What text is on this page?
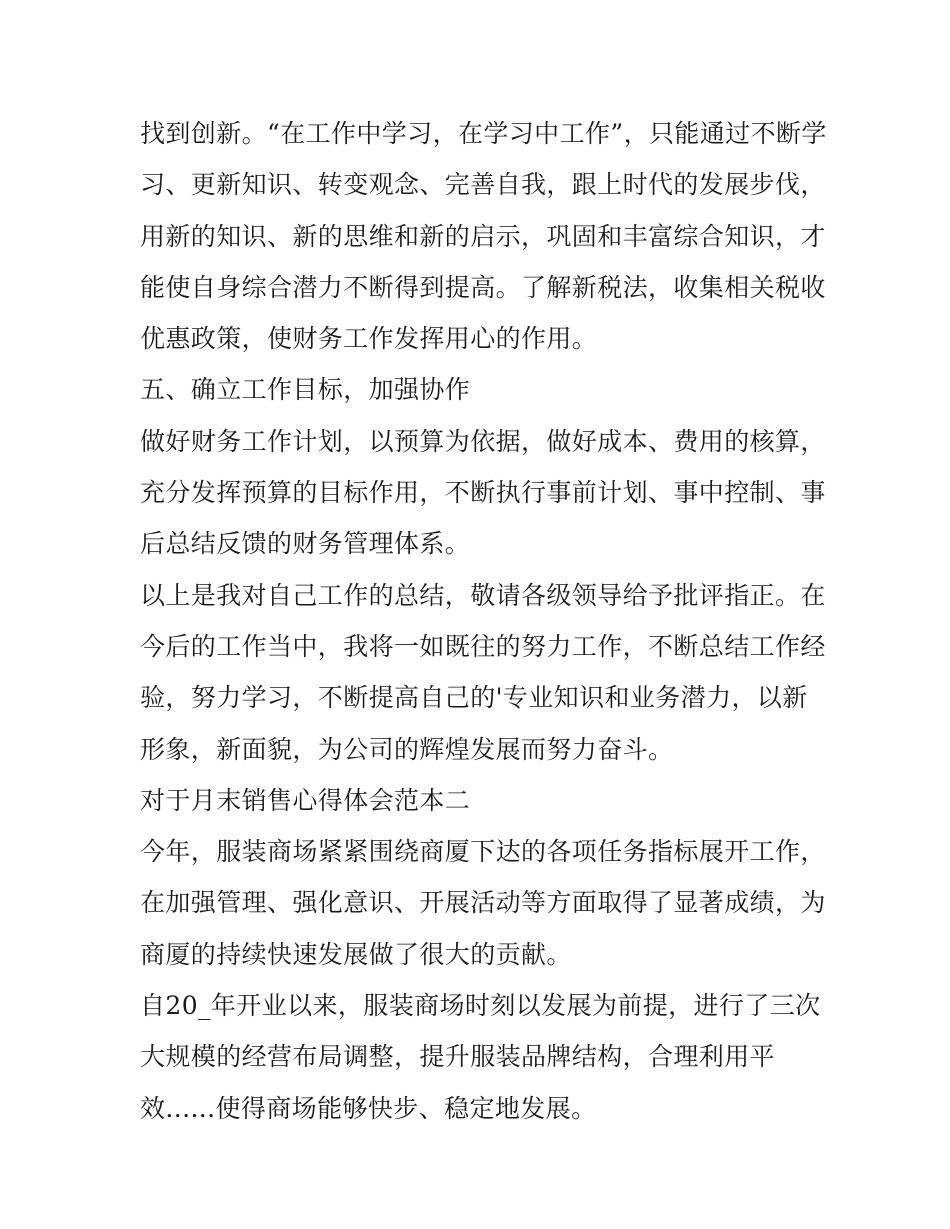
找到创新。“在工作中学习，在学习中工作”，只能通过不断学
习、更新知识、转变观念、完善自我，跟上时代的发展步伐，
用新的知识、新的思维和新的启示，巩固和丰富综合知识，才
能使自身综合潜力不断得到提高。了解新税法，收集相关税收
优惠政策，使财务工作发挥用心的作用。
五、确立工作目标，加强协作
做好财务工作计划，以预算为依据，做好成本、费用的核算，
充分发挥预算的目标作用，不断执行事前计划、事中控制、事
后总结反馈的财务管理体系。
以上是我对自己工作的总结，敬请各级领导给予批评指正。在
今后的工作当中，我将一如既往的努力工作，不断总结工作经
验，努力学习，不断提高自己的'专业知识和业务潜力，以新
形象，新面貌，为公司的辉煌发展而努力奋斗。
对于月末销售心得体会范本二
今年，服装商场紧紧围绕商厦下达的各项任务指标展开工作，
在加强管理、强化意识、开展活动等方面取得了显著成绩，为
商厦的持续快速发展做了很大的贡献。
自20_年开业以来，服装商场时刻以发展为前提，进行了三次
大规模的经营布局调整，提升服装品牌结构，合理利用平
效......使得商场能够快步、稳定地发展。
